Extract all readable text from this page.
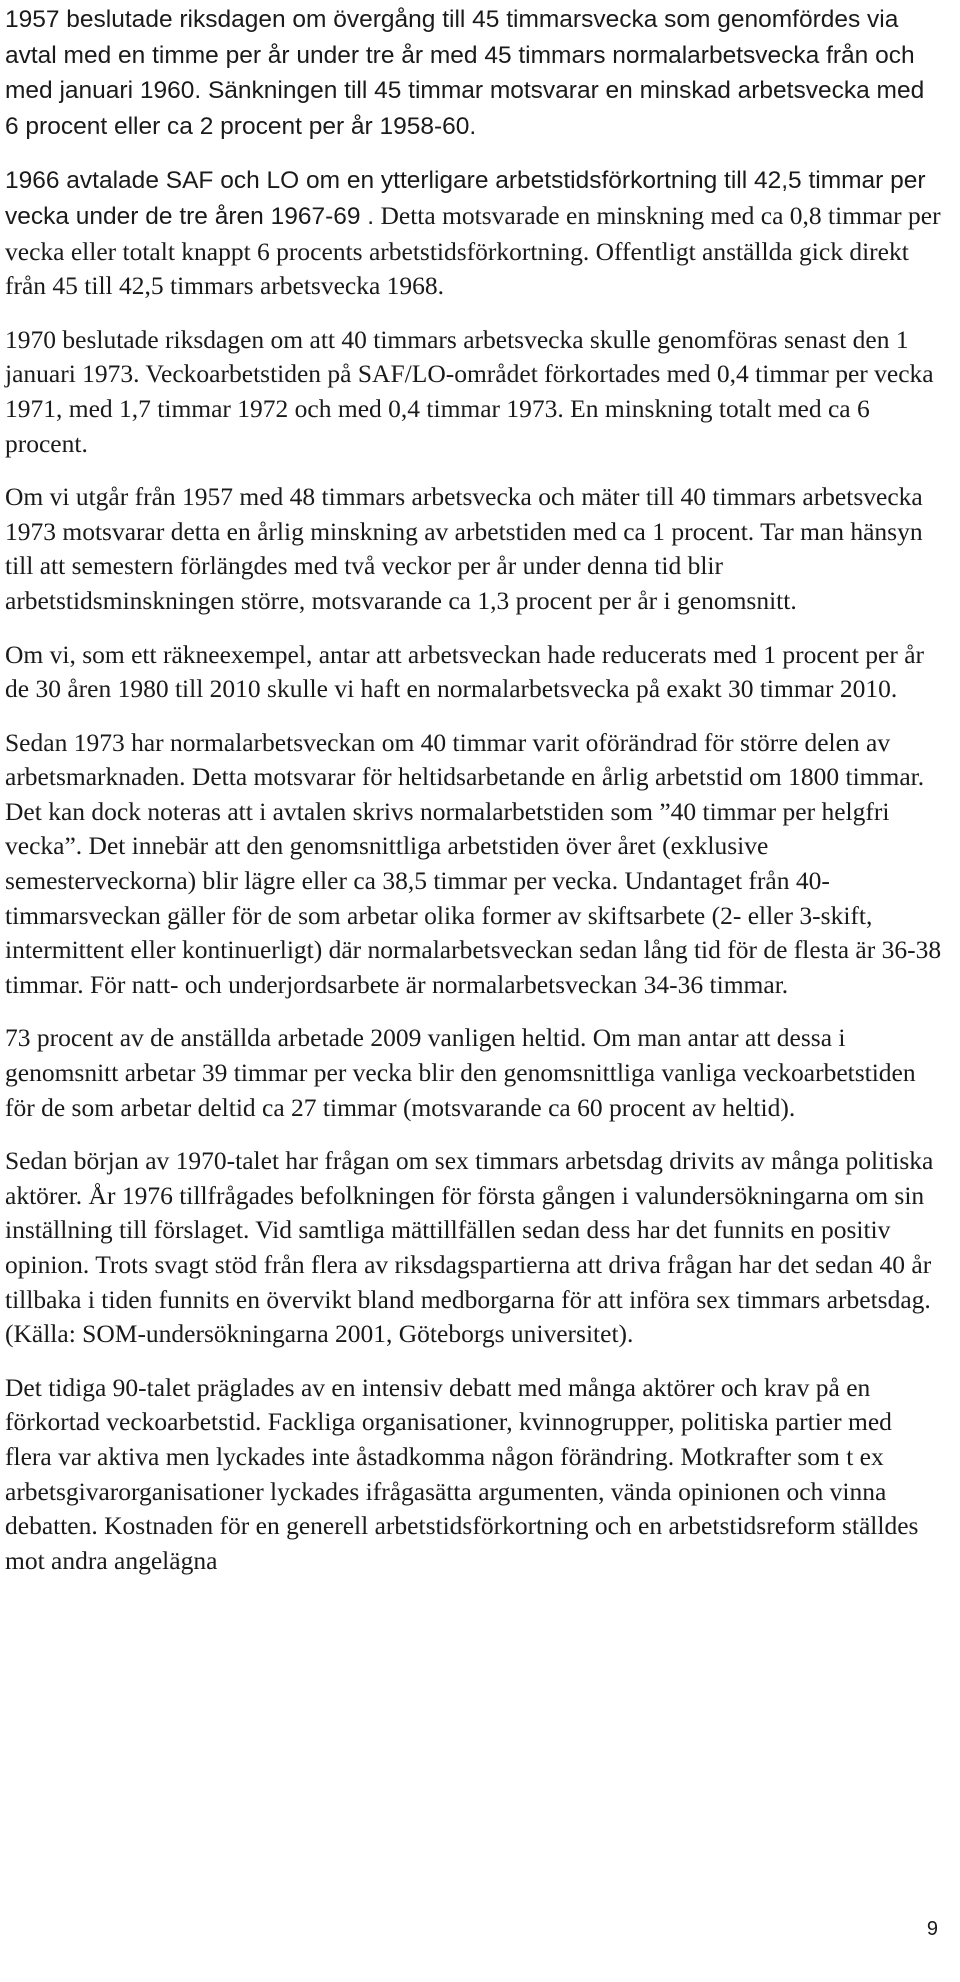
1957 beslutade riksdagen om övergång till 45 timmarsvecka som genomfördes via avtal med en timme per år under tre år med 45 timmars normalarbetsvecka från och med januari 1960. Sänkningen till 45 timmar motsvarar en minskad arbetsvecka med 6 procent eller ca 2 procent per år 1958-60.

1966 avtalade SAF och LO om en ytterligare arbetstidsförkortning till 42,5 timmar per vecka under de tre åren 1967-69 . Detta motsvarade en minskning med ca 0,8 timmar per vecka eller totalt knappt 6 procents arbetstidsförkortning. Offentligt anställda gick direkt från 45 till 42,5 timmars arbetsvecka 1968.

1970 beslutade riksdagen om att 40 timmars arbetsvecka skulle genomföras senast den 1 januari 1973. Veckoarbetstiden på SAF/LO-området förkortades med 0,4 timmar per vecka 1971, med 1,7 timmar 1972 och med 0,4 timmar 1973. En minskning totalt med ca 6 procent.

Om vi utgår från 1957 med 48 timmars arbetsvecka och mäter till 40 timmars arbetsvecka 1973 motsvarar detta en årlig minskning av arbetstiden med ca 1 procent. Tar man hänsyn till att semestern förlängdes med två veckor per år under denna tid blir arbetstidsminskningen större, motsvarande ca 1,3 procent per år i genomsnitt.

Om vi, som ett räkneexempel, antar att arbetsveckan hade reducerats med 1 procent per år de 30 åren 1980 till 2010 skulle vi haft en normalarbetsvecka på exakt 30 timmar 2010.

Sedan 1973 har normalarbetsveckan om 40 timmar varit oförändrad för större delen av arbetsmarknaden. Detta motsvarar för heltidsarbetande en årlig arbetstid om 1800 timmar. Det kan dock noteras att i avtalen skrivs normalarbetstiden som ”40 timmar per helgfri vecka”. Det innebär att den genomsnittliga arbetstiden över året (exklusive semesterveckorna) blir lägre eller ca 38,5 timmar per vecka. Undantaget från 40-timmarsveckan gäller för de som arbetar olika former av skiftsarbete (2- eller 3-skift, intermittent eller kontinuerligt) där normalarbetsveckan sedan lång tid för de flesta är 36-38 timmar. För natt- och underjordsarbete är normalarbetsveckan 34-36 timmar.

73 procent av de anställda arbetade 2009 vanligen heltid. Om man antar att dessa i genomsnitt arbetar 39 timmar per vecka blir den genomsnittliga vanliga veckoarbetstiden för de som arbetar deltid ca 27 timmar (motsvarande ca 60 procent av heltid).

Sedan början av 1970-talet har frågan om sex timmars arbetsdag drivits av många politiska aktörer. År 1976 tillfrågades befolkningen för första gången i valundersökningarna om sin inställning till förslaget. Vid samtliga mättillfällen sedan dess har det funnits en positiv opinion. Trots svagt stöd från flera av riksdagspartierna att driva frågan har det sedan 40 år tillbaka i tiden funnits en övervikt bland medborgarna för att införa sex timmars arbetsdag. (Källa: SOM-undersökningarna 2001, Göteborgs universitet).

Det tidiga 90-talet präglades av en intensiv debatt med många aktörer och krav på en förkortad veckoarbetstid. Fackliga organisationer, kvinnogrupper, politiska partier med flera var aktiva men lyckades inte åstadkomma någon förändring. Motkrafter som t ex arbetsgivarorganisationer lyckades ifrågasätta argumenten, vända opinionen och vinna debatten. Kostnaden för en generell arbetstidsförkortning och en arbetstidsreform ställdes mot andra angelägna

9
